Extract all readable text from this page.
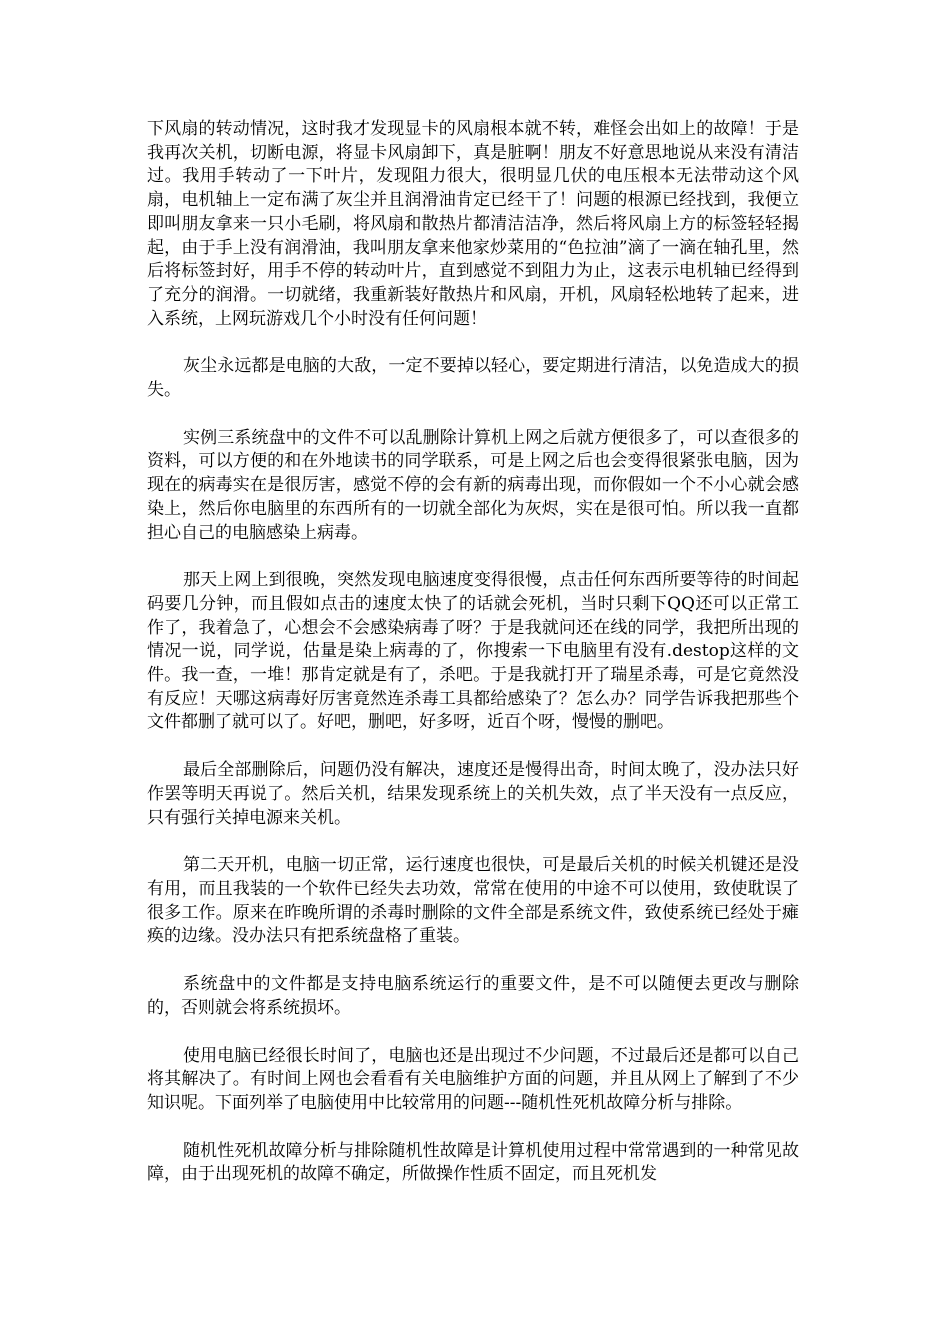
下风扇的转动情况，这时我才发现显卡的风扇根本就不转，难怪会出如上的故障！于是我再次关机，切断电源，将显卡风扇卸下，真是脏啊！朋友不好意思地说从来没有清洁过。我用手转动了一下叶片，发现阻力很大，很明显几伏的电压根本无法带动这个风扇，电机轴上一定布满了灰尘并且润滑油肯定已经干了！问题的根源已经找到，我便立即叫朋友拿来一只小毛刷，将风扇和散热片都清洁洁净，然后将风扇上方的标签轻轻揭起，由于手上没有润滑油，我叫朋友拿来他家炒菜用的“色拉油”滴了一滴在轴孔里，然后将标签封好，用手不停的转动叶片，直到感觉不到阻力为止，这表示电机轴已经得到了充分的润滑。一切就绪，我重新装好散热片和风扇，开机，风扇轻松地转了起来，进入系统，上网玩游戏几个小时没有任何问题！

灰尘永远都是电脑的大敌，一定不要掉以轻心，要定期进行清洁，以免造成大的损失。

实例三系统盘中的文件不可以乱删除计算机上网之后就方便很多了，可以查很多的资料，可以方便的和在外地读书的同学联系，可是上网之后也会变得很紧张电脑，因为现在的病毒实在是很厉害，感觉不停的会有新的病毒出现，而你假如一个不小心就会感染上，然后你电脑里的东西所有的一切就全部化为灰烬，实在是很可怕。所以我一直都担心自己的电脑感染上病毒。

那天上网上到很晚，突然发现电脑速度变得很慢，点击任何东西所要等待的时间起码要几分钟，而且假如点击的速度太快了的话就会死机，当时只剩下QQ还可以正常工作了，我着急了，心想会不会感染病毒了呀？于是我就问还在线的同学，我把所出现的情况一说，同学说，估量是染上病毒的了，你搜索一下电脑里有没有.destop这样的文件。我一查，一堆！那肯定就是有了，杀吧。于是我就打开了瑞星杀毒，可是它竟然没有反应！天哪这病毒好厉害竟然连杀毒工具都给感染了？怎么办？同学告诉我把那些个文件都删了就可以了。好吧，删吧，好多呀，近百个呀，慢慢的删吧。

最后全部删除后，问题仍没有解决，速度还是慢得出奇，时间太晚了，没办法只好作罢等明天再说了。然后关机，结果发现系统上的关机失效，点了半天没有一点反应，只有强行关掉电源来关机。

第二天开机，电脑一切正常，运行速度也很快，可是最后关机的时候关机键还是没有用，而且我装的一个软件已经失去功效，常常在使用的中途不可以使用，致使耽误了很多工作。原来在昨晚所谓的杀毒时删除的文件全部是系统文件，致使系统已经处于瘫痪的边缘。没办法只有把系统盘格了重装。

系统盘中的文件都是支持电脑系统运行的重要文件，是不可以随便去更改与删除的，否则就会将系统损坏。

使用电脑已经很长时间了，电脑也还是出现过不少问题，不过最后还是都可以自己将其解决了。有时间上网也会看看有关电脑维护方面的问题，并且从网上了解到了不少知识呢。下面列举了电脑使用中比较常用的问题---随机性死机故障分析与排除。

随机性死机故障分析与排除随机性故障是计算机使用过程中常常遇到的一种常见故障，由于出现死机的故障不确定，所做操作性质不固定，而且死机发
